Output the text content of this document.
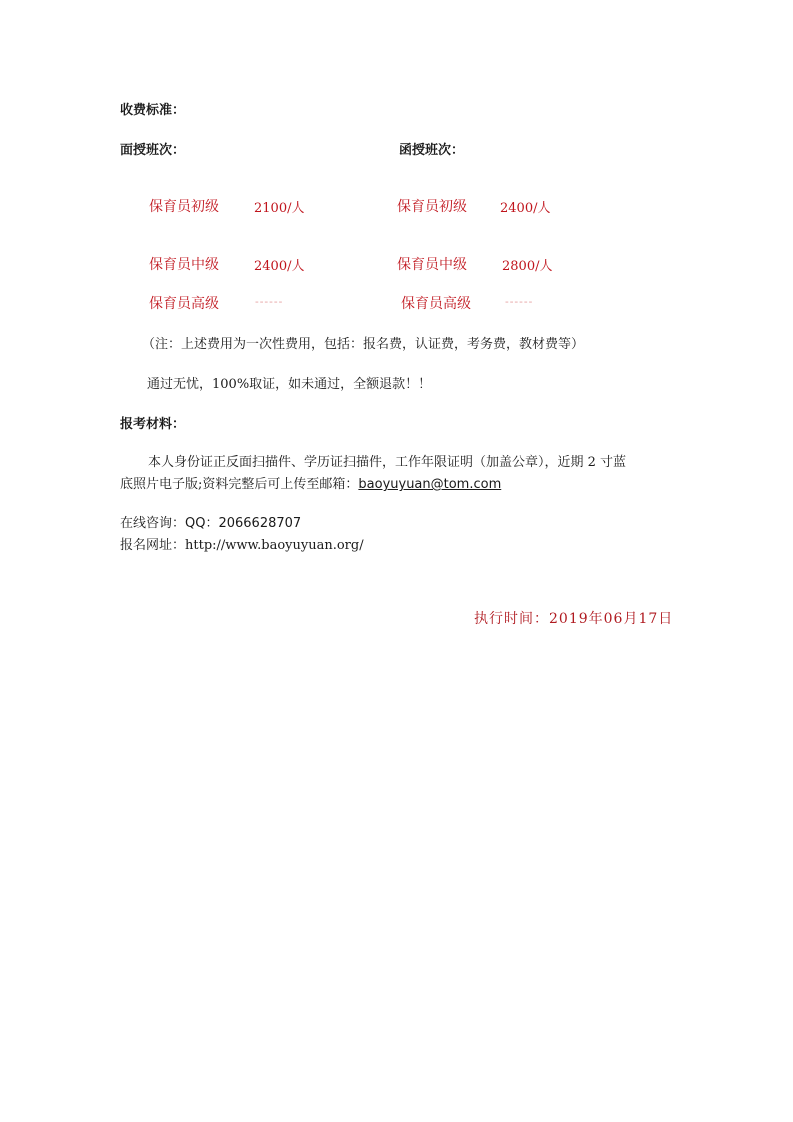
收费标准：
面授班次：	函授班次：
保育员初级	2100/人
保育员中级	2400/人
保育员高级	------
保育员初级	2400/人
保育员中级	2800/人
保育员高级	------
（注：上述费用为一次性费用，包括：报名费，认证费，考务费，教材费等）
通过无忧，100%取证，如未通过，全额退款！！
报考材料：
本人身份证正反面扫描件、学历证扫描件，工作年限证明（加盖公章），近期 2 寸蓝
底照片电子版;资料完整后可上传至邮箱：baoyuyuan@tom.com
在线咨询：QQ：2066628707
报名网址：http://www.baoyuyuan.org/
执行时间：2019年06月17日
